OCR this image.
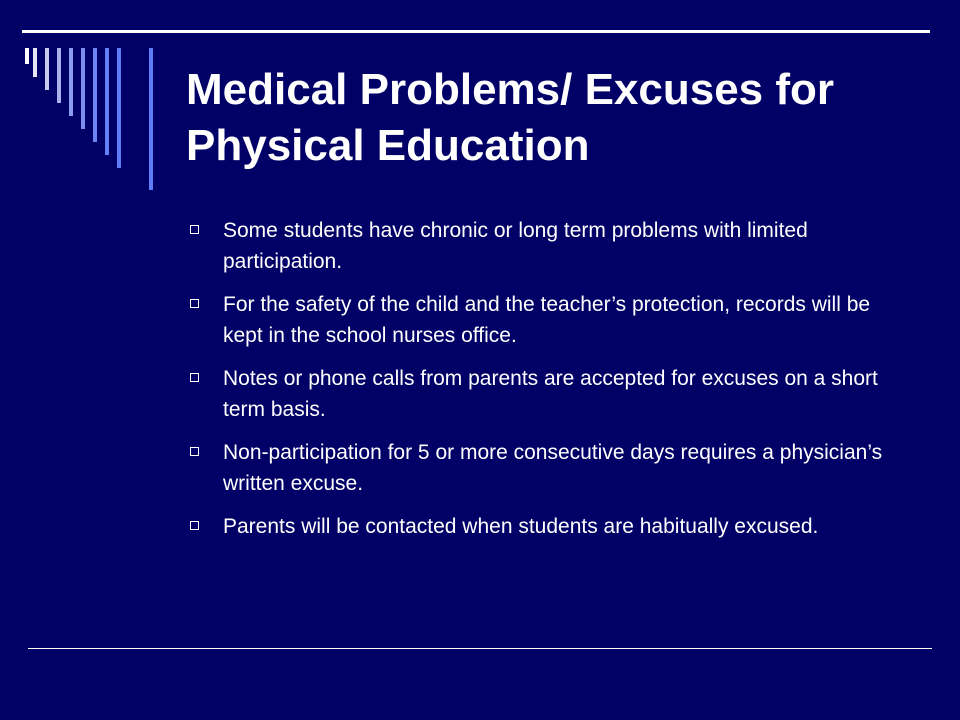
Medical Problems/ Excuses for Physical Education
Some students have chronic or long term problems with limited participation.
For the safety of the child and the teacher’s protection, records will be kept in the school nurses office.
Notes or phone calls from parents are accepted for excuses on a short term basis.
Non-participation for 5 or more consecutive days requires a physician’s written excuse.
Parents will be contacted when students are habitually excused.
